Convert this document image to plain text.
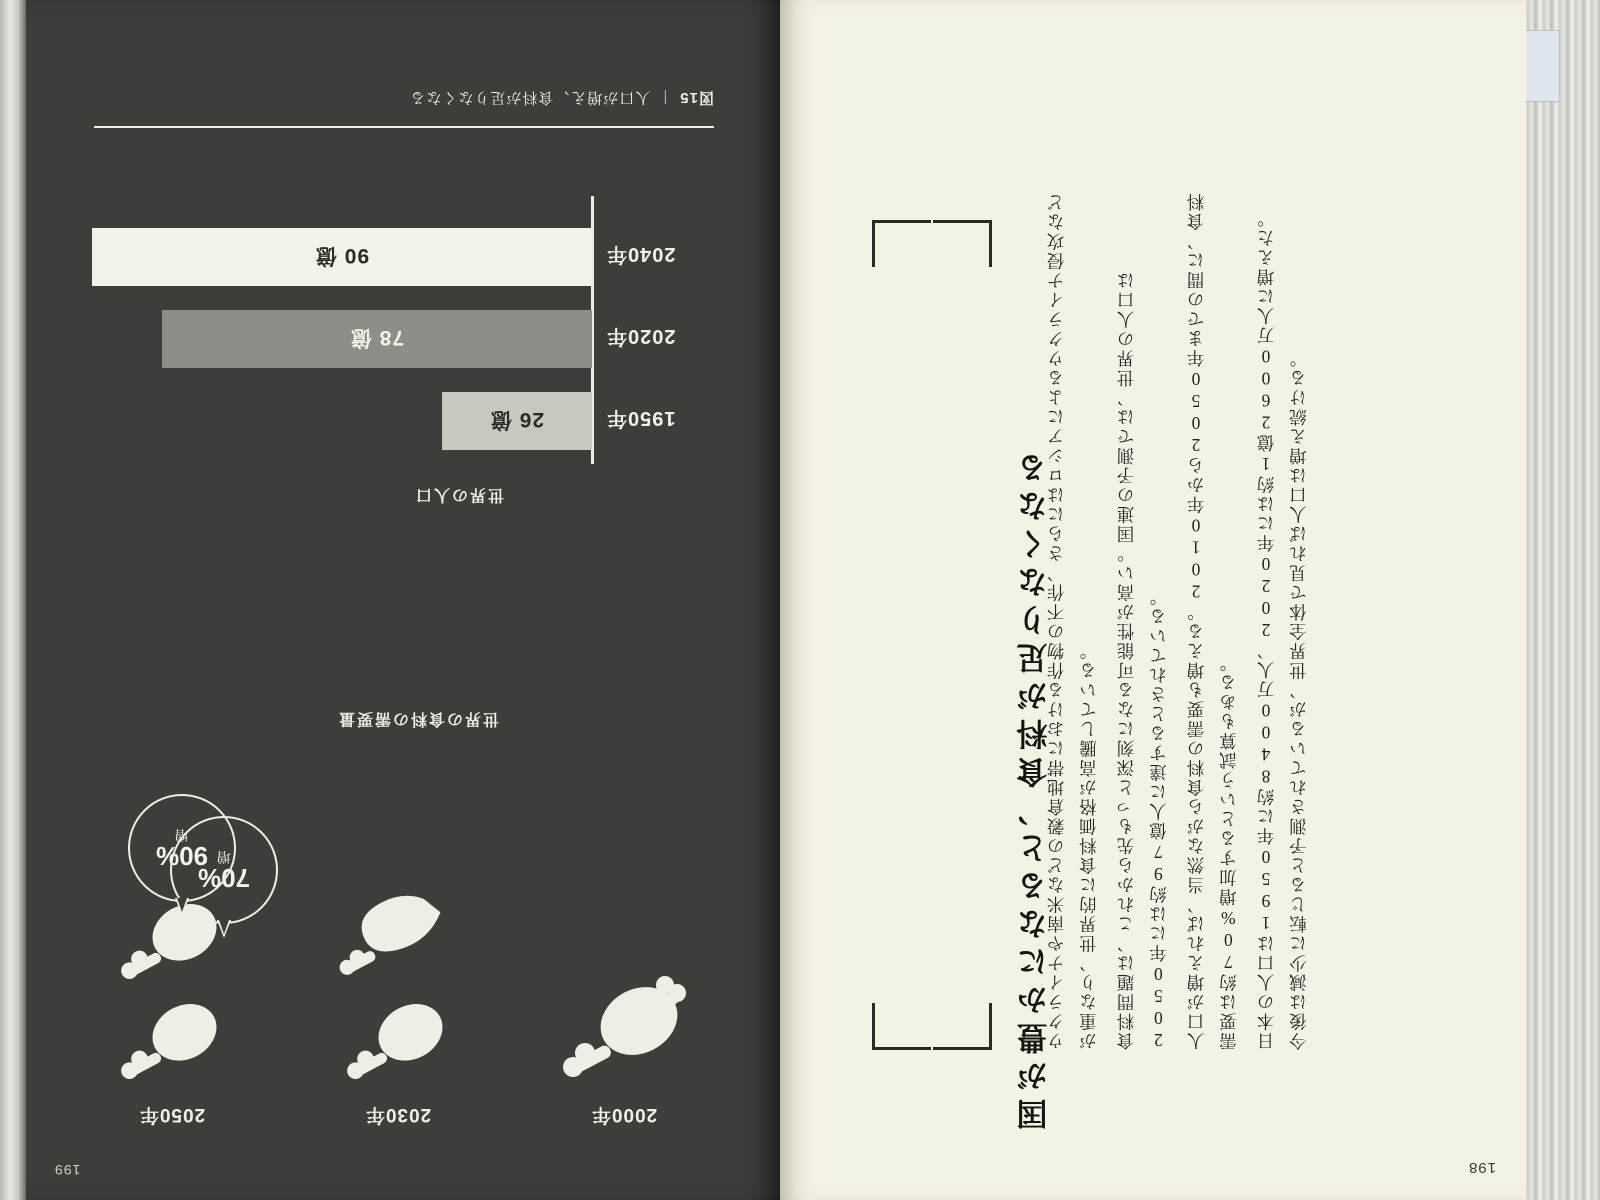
198
国が豊かになると、食料が足りなくなる
ウクライナや南米などの穀倉地帯における作物の不作、さらにはロシアによるウクライナ侵攻などが重なり、世界的に食料価格が高騰している。	食料問題は、これから先もっと深刻になる可能性が高い。国連の予測では、世界の人口は2050年には約97億人に達するとされている。	人口が増えれば、当然ながら食料の需要も増える。2010年から2050年までの間に、食料需要は約70%増加するという試算もある。	日本の人口は1950年に約8400万人、2020年には約1億2600万人に増えた。今後は減少に転じると予測されているが、世界全体で見れば人口は増え続ける。
199
2000年
2030年
70%
増
2050年
90%
増
世界の食料の需要量
世界の人口
1950年
26 億
2020年
78 億
2040年
90 億
図15
|
人口が増え、食料が足りなくなる
